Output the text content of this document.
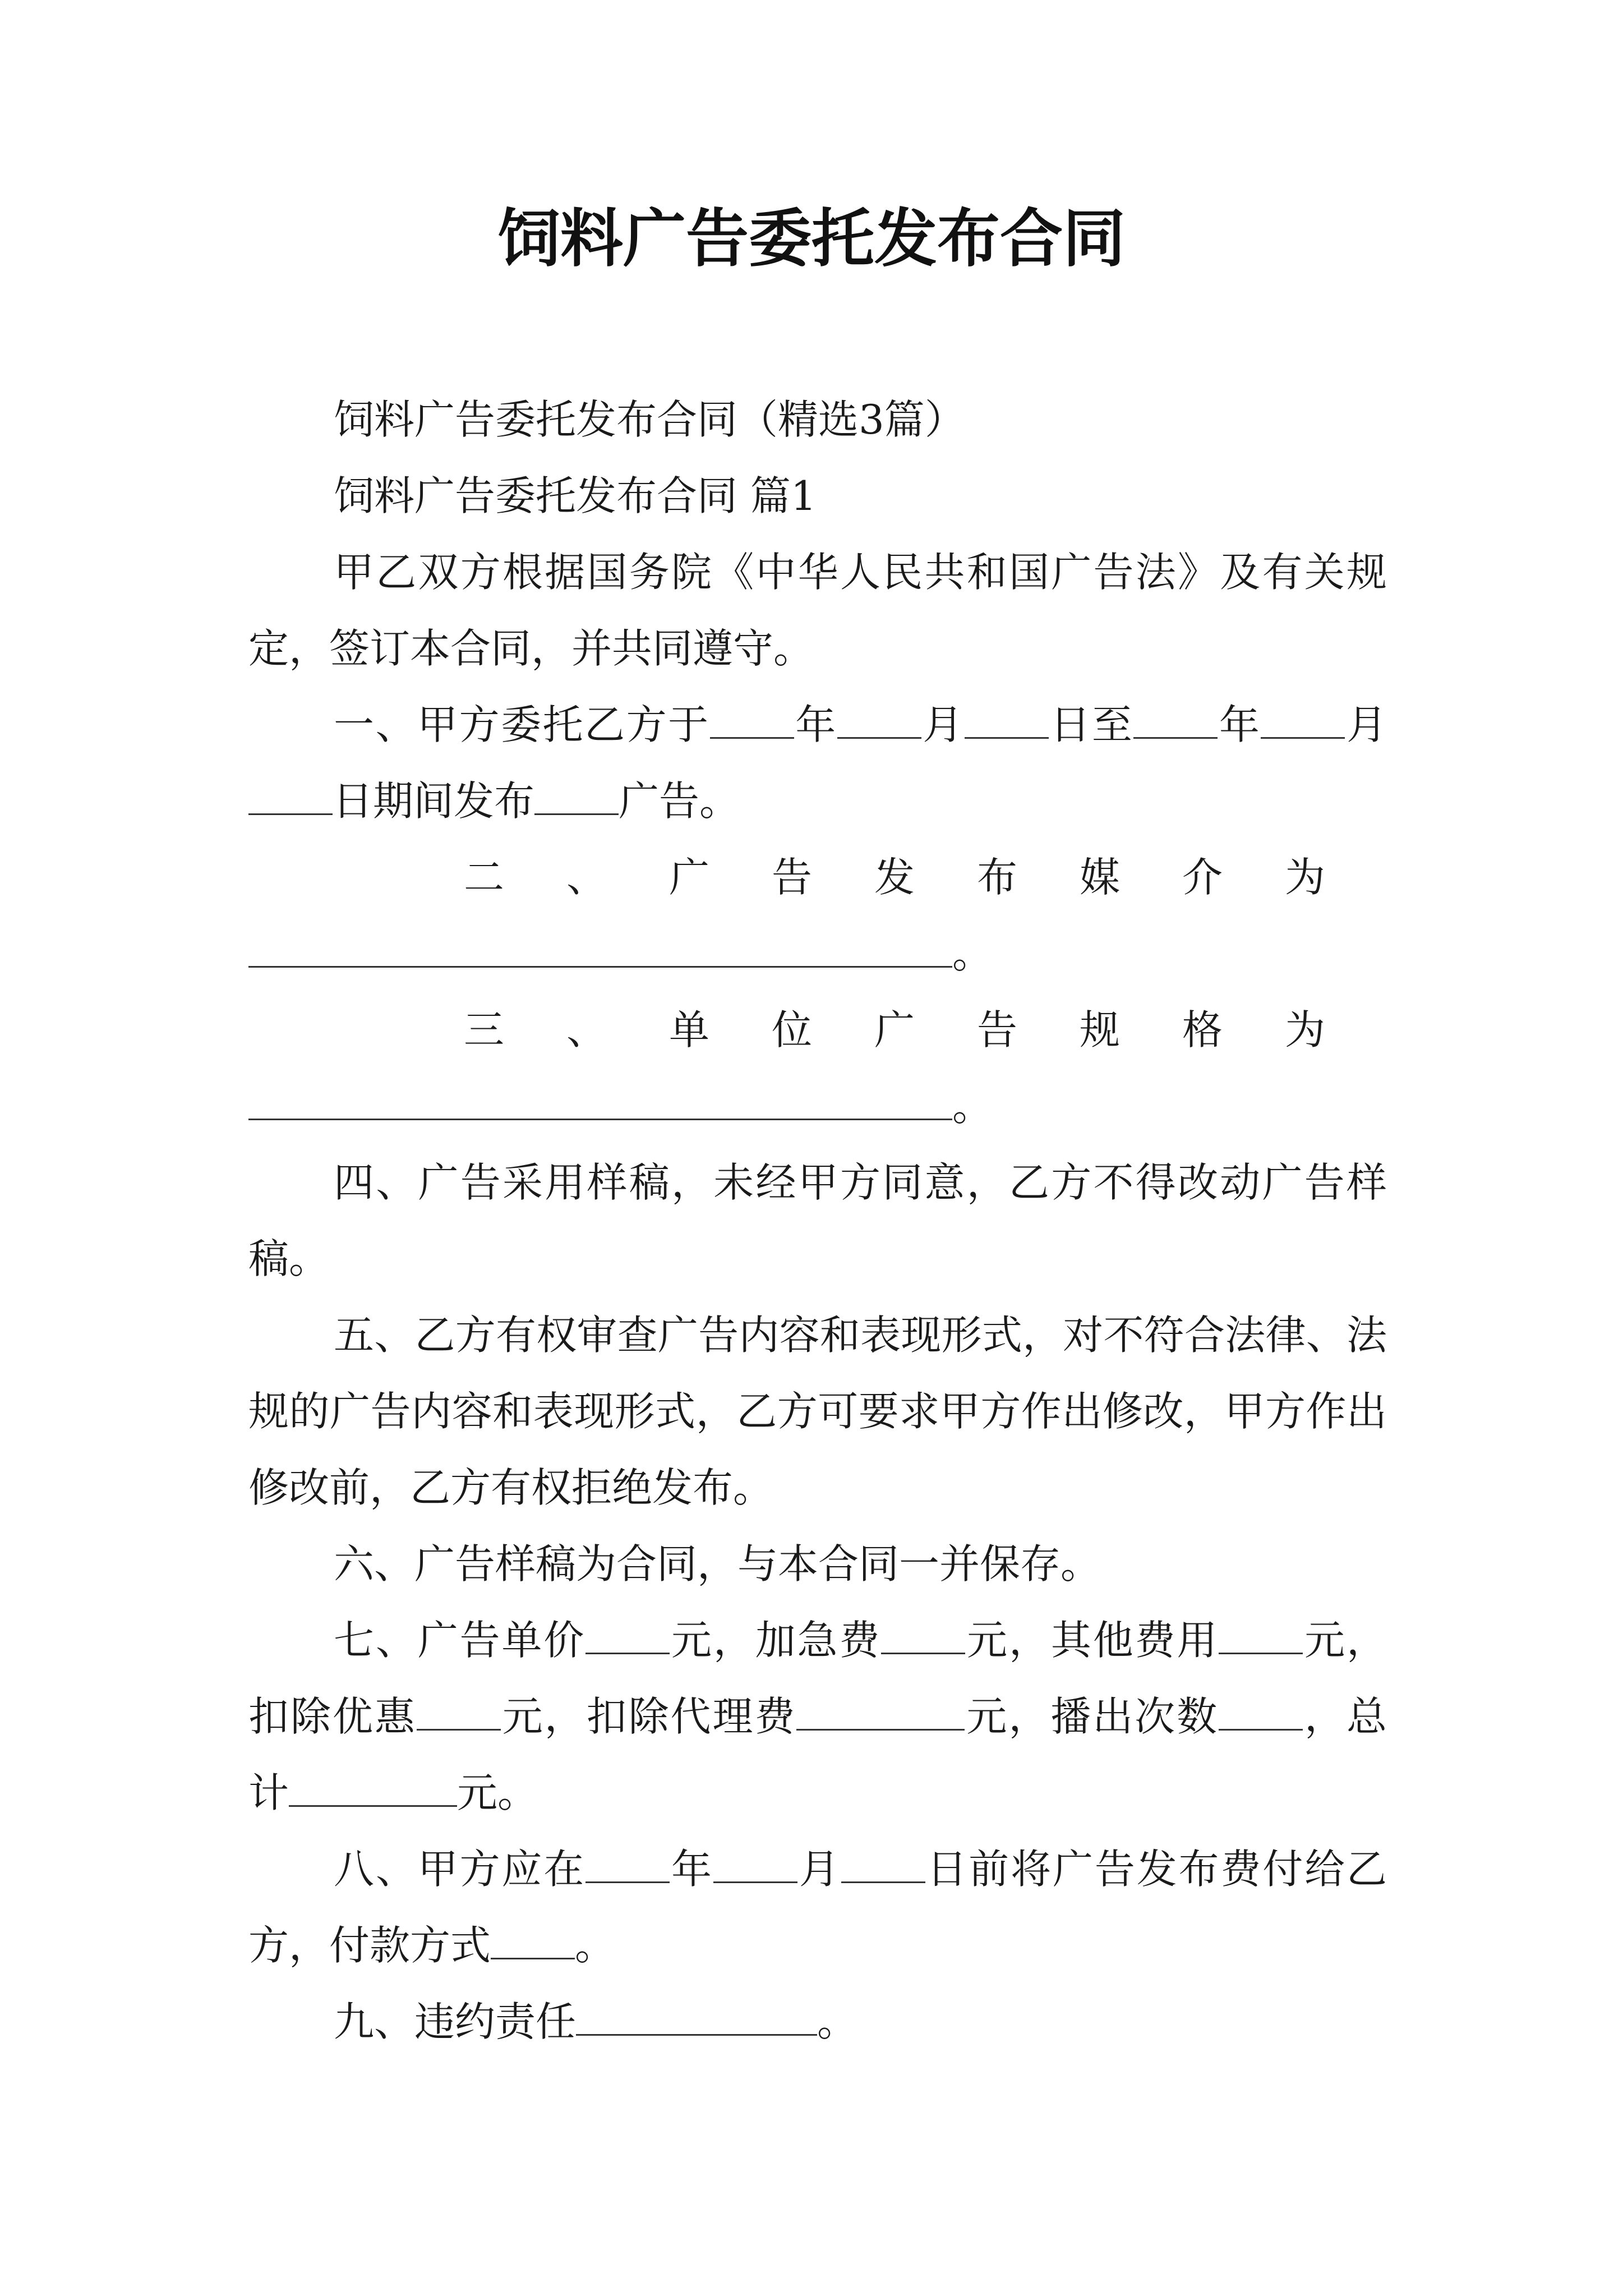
饲料广告委托发布合同

饲料广告委托发布合同（精选3篇）

饲料广告委托发布合同 篇1

甲乙双方根据国务院《中华人民共和国广告法》及有关规定，签订本合同，并共同遵守。

一、甲方委托乙方于 年 月 日至 年 月日期间发布 广告。

二、广告发布媒介为

。

三、单位广告规格为

。

四、广告采用样稿，未经甲方同意，乙方不得改动广告样稿。

五、乙方有权审查广告内容和表现形式，对不符合法律、法规的广告内容和表现形式，乙方可要求甲方作出修改，甲方作出修改前，乙方有权拒绝发布。

六、广告样稿为合同，与本合同一并保存。

七、广告单价 元，加急费 元，其他费用 元，扣除优惠 元，扣除代理费	元，播出次数 ，总计	元。

八、甲方应在 年 月 日前将广告发布费付给乙方，付款方式 。

九、违约责任	。
